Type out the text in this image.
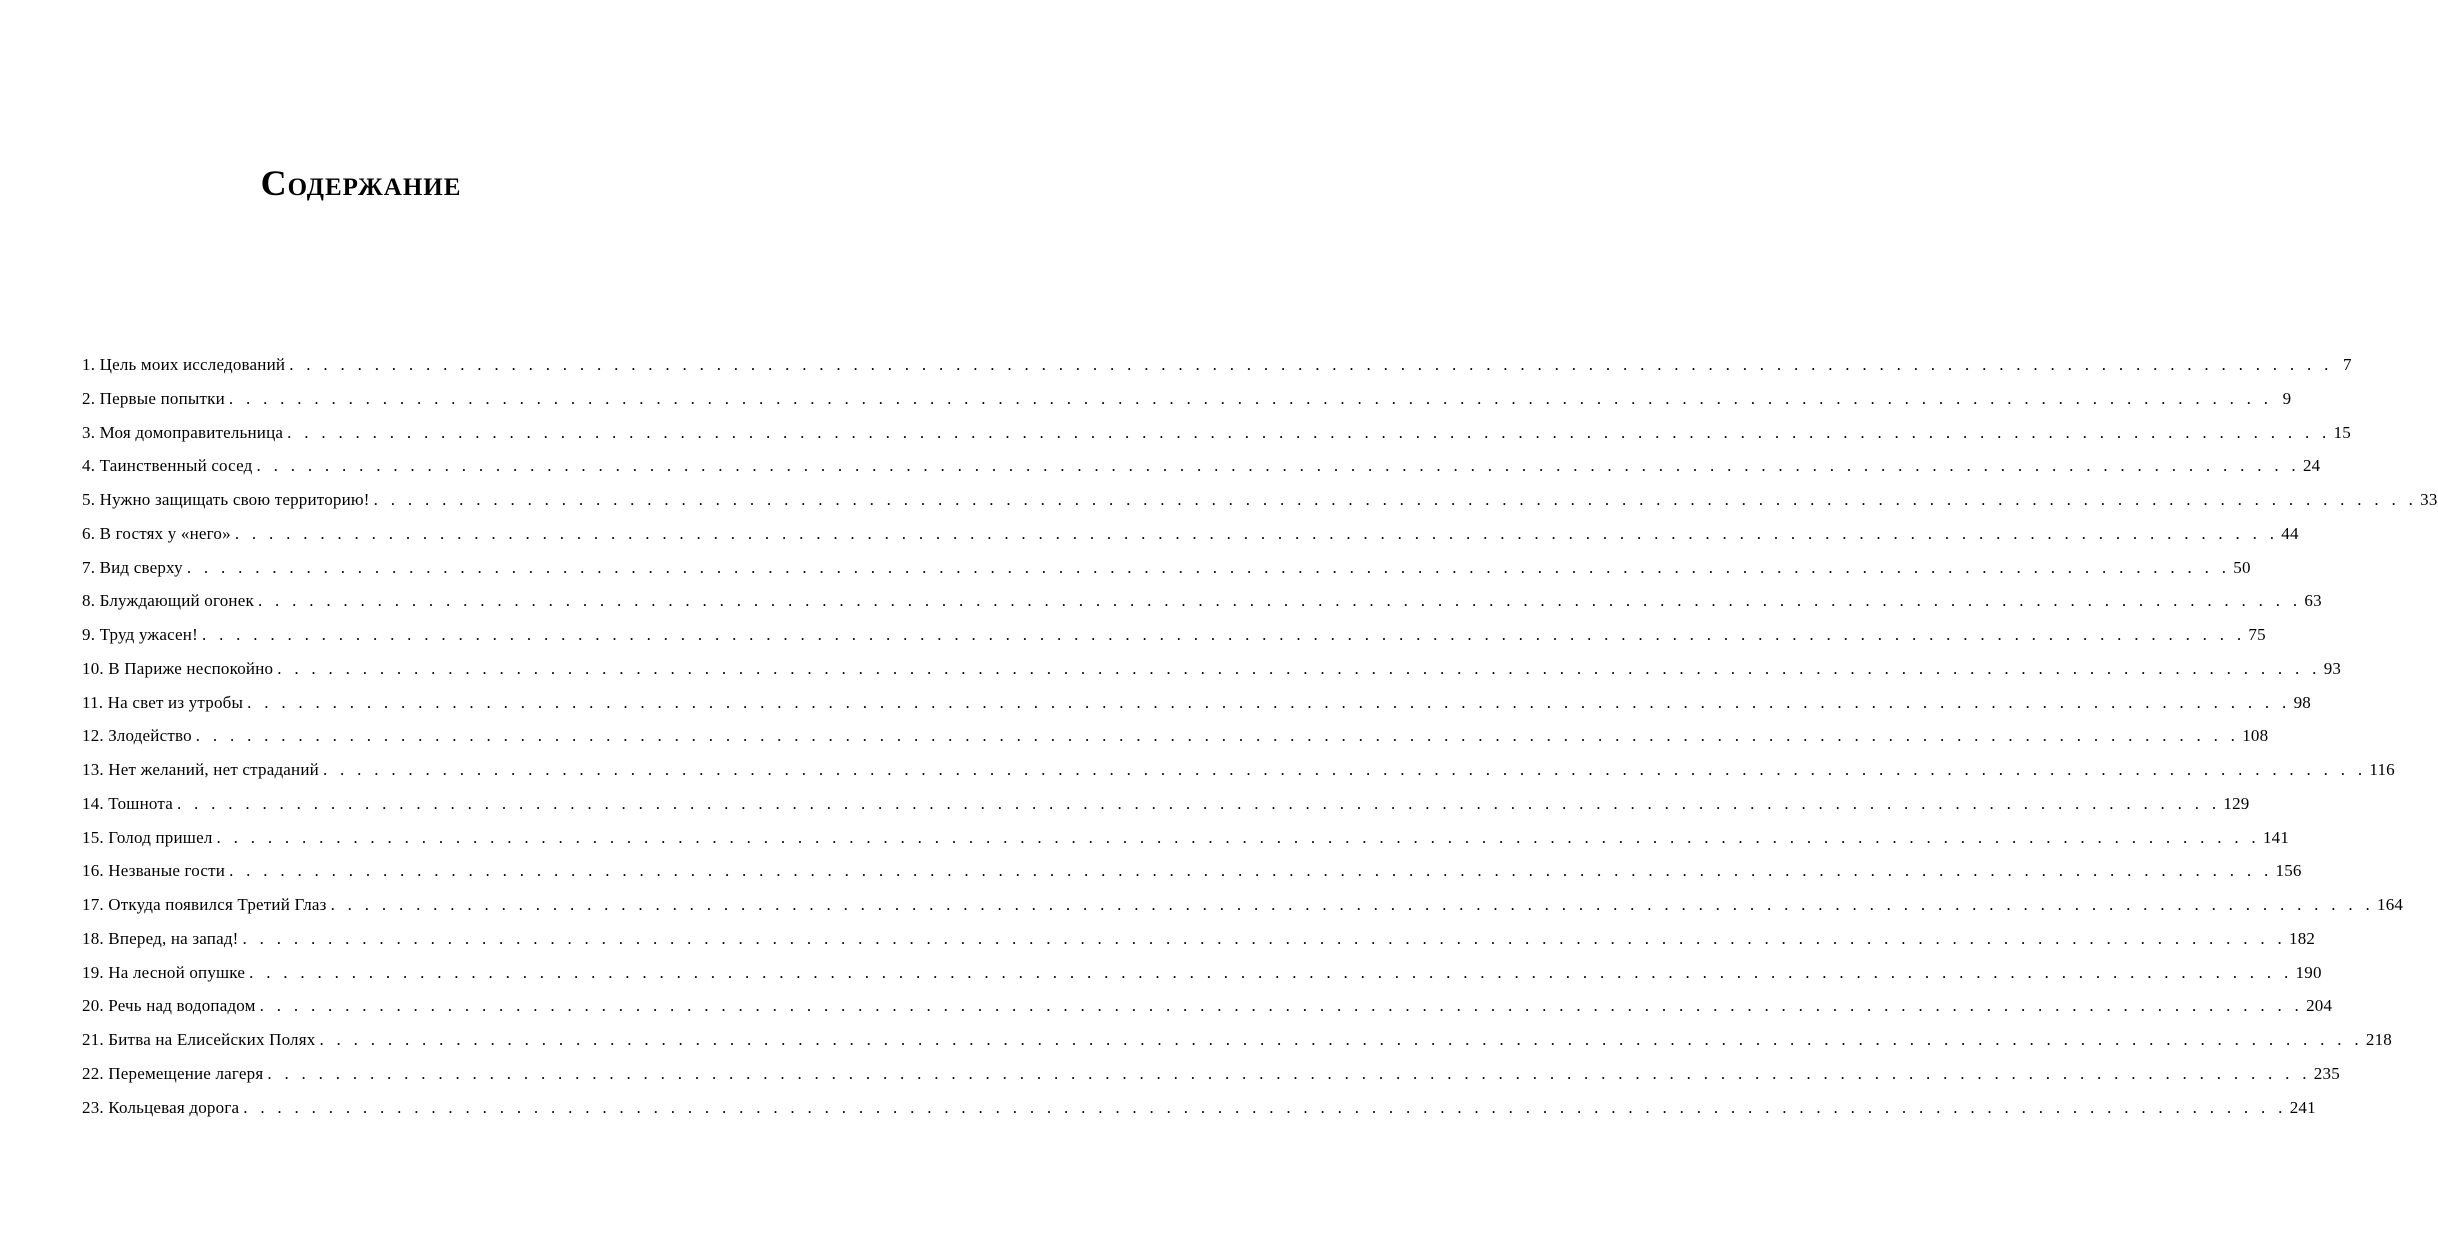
Содержание
1. Цель моих исследований . . . . . . . . . . . . . . . . . . . . . . . . . . . . . . . . . . . . . . . . . . . . . . . . . . . . . . . . . . . . . . . . . . . . . . . . . . . . . . . . . . . . . . . . . . . . . . . . . . . . . . . . . . . . . . . . . . . . . . . . 7
2. Первые попытки . . . . . . . . . . . . . . . . . . . . . . . . . . . . . . . . . . . . . . . . . . . . . . . . . . . . . . . . . . . . . . . . . . . . . . . . . . . . . . . . . . . . . . . . . . . . . . . . . . . . . . . . . . . . . . . . . . . . . . . . 9
3. Моя домоправительница . . . . . . . . . . . . . . . . . . . . . . . . . . . . . . . . . . . . . . . . . . . . . . . . . . . . . . . . . . . . . . . . . . . . . . . . . . . . . . . . . . . . . . . . . . . . . . . . . . . . . . . . . . . . . . . . . . . . . . . . 15
4. Таинственный сосед . . . . . . . . . . . . . . . . . . . . . . . . . . . . . . . . . . . . . . . . . . . . . . . . . . . . . . . . . . . . . . . . . . . . . . . . . . . . . . . . . . . . . . . . . . . . . . . . . . . . . . . . . . . . . . . . . . . . . . . . 24
5. Нужно защищать свою территорию! . . . . . . . . . . . . . . . . . . . . . . . . . . . . . . . . . . . . . . . . . . . . . . . . . . . . . . . . . . . . . . . . . . . . . . . . . . . . . . . . . . . . . . . . . . . . . . . . . . . . . . . . . . . . . . . . . . . . . . . . 33
6. В гостях у «него» . . . . . . . . . . . . . . . . . . . . . . . . . . . . . . . . . . . . . . . . . . . . . . . . . . . . . . . . . . . . . . . . . . . . . . . . . . . . . . . . . . . . . . . . . . . . . . . . . . . . . . . . . . . . . . . . . . . . . . . . 44
7. Вид сверху . . . . . . . . . . . . . . . . . . . . . . . . . . . . . . . . . . . . . . . . . . . . . . . . . . . . . . . . . . . . . . . . . . . . . . . . . . . . . . . . . . . . . . . . . . . . . . . . . . . . . . . . . . . . . . . . . . . . . . . . 50
8. Блуждающий огонек . . . . . . . . . . . . . . . . . . . . . . . . . . . . . . . . . . . . . . . . . . . . . . . . . . . . . . . . . . . . . . . . . . . . . . . . . . . . . . . . . . . . . . . . . . . . . . . . . . . . . . . . . . . . . . . . . . . . . . . . 63
9. Труд ужасен! . . . . . . . . . . . . . . . . . . . . . . . . . . . . . . . . . . . . . . . . . . . . . . . . . . . . . . . . . . . . . . . . . . . . . . . . . . . . . . . . . . . . . . . . . . . . . . . . . . . . . . . . . . . . . . . . . . . . . . . . 75
10. В Париже неспокойно . . . . . . . . . . . . . . . . . . . . . . . . . . . . . . . . . . . . . . . . . . . . . . . . . . . . . . . . . . . . . . . . . . . . . . . . . . . . . . . . . . . . . . . . . . . . . . . . . . . . . . . . . . . . . . . . . . . . . . . . 93
11. На свет из утробы . . . . . . . . . . . . . . . . . . . . . . . . . . . . . . . . . . . . . . . . . . . . . . . . . . . . . . . . . . . . . . . . . . . . . . . . . . . . . . . . . . . . . . . . . . . . . . . . . . . . . . . . . . . . . . . . . . . . . . . . 98
12. Злодейство . . . . . . . . . . . . . . . . . . . . . . . . . . . . . . . . . . . . . . . . . . . . . . . . . . . . . . . . . . . . . . . . . . . . . . . . . . . . . . . . . . . . . . . . . . . . . . . . . . . . . . . . . . . . . . . . . . . . . . . . 108
13. Нет желаний, нет страданий . . . . . . . . . . . . . . . . . . . . . . . . . . . . . . . . . . . . . . . . . . . . . . . . . . . . . . . . . . . . . . . . . . . . . . . . . . . . . . . . . . . . . . . . . . . . . . . . . . . . . . . . . . . . . . . . . . . . . . . . 116
14. Тошнота . . . . . . . . . . . . . . . . . . . . . . . . . . . . . . . . . . . . . . . . . . . . . . . . . . . . . . . . . . . . . . . . . . . . . . . . . . . . . . . . . . . . . . . . . . . . . . . . . . . . . . . . . . . . . . . . . . . . . . . . 129
15. Голод пришел . . . . . . . . . . . . . . . . . . . . . . . . . . . . . . . . . . . . . . . . . . . . . . . . . . . . . . . . . . . . . . . . . . . . . . . . . . . . . . . . . . . . . . . . . . . . . . . . . . . . . . . . . . . . . . . . . . . . . . . . 141
16. Незваные гости . . . . . . . . . . . . . . . . . . . . . . . . . . . . . . . . . . . . . . . . . . . . . . . . . . . . . . . . . . . . . . . . . . . . . . . . . . . . . . . . . . . . . . . . . . . . . . . . . . . . . . . . . . . . . . . . . . . . . . . . 156
17. Откуда появился Третий Глаз . . . . . . . . . . . . . . . . . . . . . . . . . . . . . . . . . . . . . . . . . . . . . . . . . . . . . . . . . . . . . . . . . . . . . . . . . . . . . . . . . . . . . . . . . . . . . . . . . . . . . . . . . . . . . . . . . . . . . . . . 164
18. Вперед, на запад! . . . . . . . . . . . . . . . . . . . . . . . . . . . . . . . . . . . . . . . . . . . . . . . . . . . . . . . . . . . . . . . . . . . . . . . . . . . . . . . . . . . . . . . . . . . . . . . . . . . . . . . . . . . . . . . . . . . . . . . . 182
19. На лесной опушке . . . . . . . . . . . . . . . . . . . . . . . . . . . . . . . . . . . . . . . . . . . . . . . . . . . . . . . . . . . . . . . . . . . . . . . . . . . . . . . . . . . . . . . . . . . . . . . . . . . . . . . . . . . . . . . . . . . . . . . . 190
20. Речь над водопадом . . . . . . . . . . . . . . . . . . . . . . . . . . . . . . . . . . . . . . . . . . . . . . . . . . . . . . . . . . . . . . . . . . . . . . . . . . . . . . . . . . . . . . . . . . . . . . . . . . . . . . . . . . . . . . . . . . . . . . . . 204
21. Битва на Елисейских Полях . . . . . . . . . . . . . . . . . . . . . . . . . . . . . . . . . . . . . . . . . . . . . . . . . . . . . . . . . . . . . . . . . . . . . . . . . . . . . . . . . . . . . . . . . . . . . . . . . . . . . . . . . . . . . . . . . . . . . . . . 218
22. Перемещение лагеря . . . . . . . . . . . . . . . . . . . . . . . . . . . . . . . . . . . . . . . . . . . . . . . . . . . . . . . . . . . . . . . . . . . . . . . . . . . . . . . . . . . . . . . . . . . . . . . . . . . . . . . . . . . . . . . . . . . . . . . . 235
23. Кольцевая дорога . . . . . . . . . . . . . . . . . . . . . . . . . . . . . . . . . . . . . . . . . . . . . . . . . . . . . . . . . . . . . . . . . . . . . . . . . . . . . . . . . . . . . . . . . . . . . . . . . . . . . . . . . . . . . . . . . . . . . . . . 241
